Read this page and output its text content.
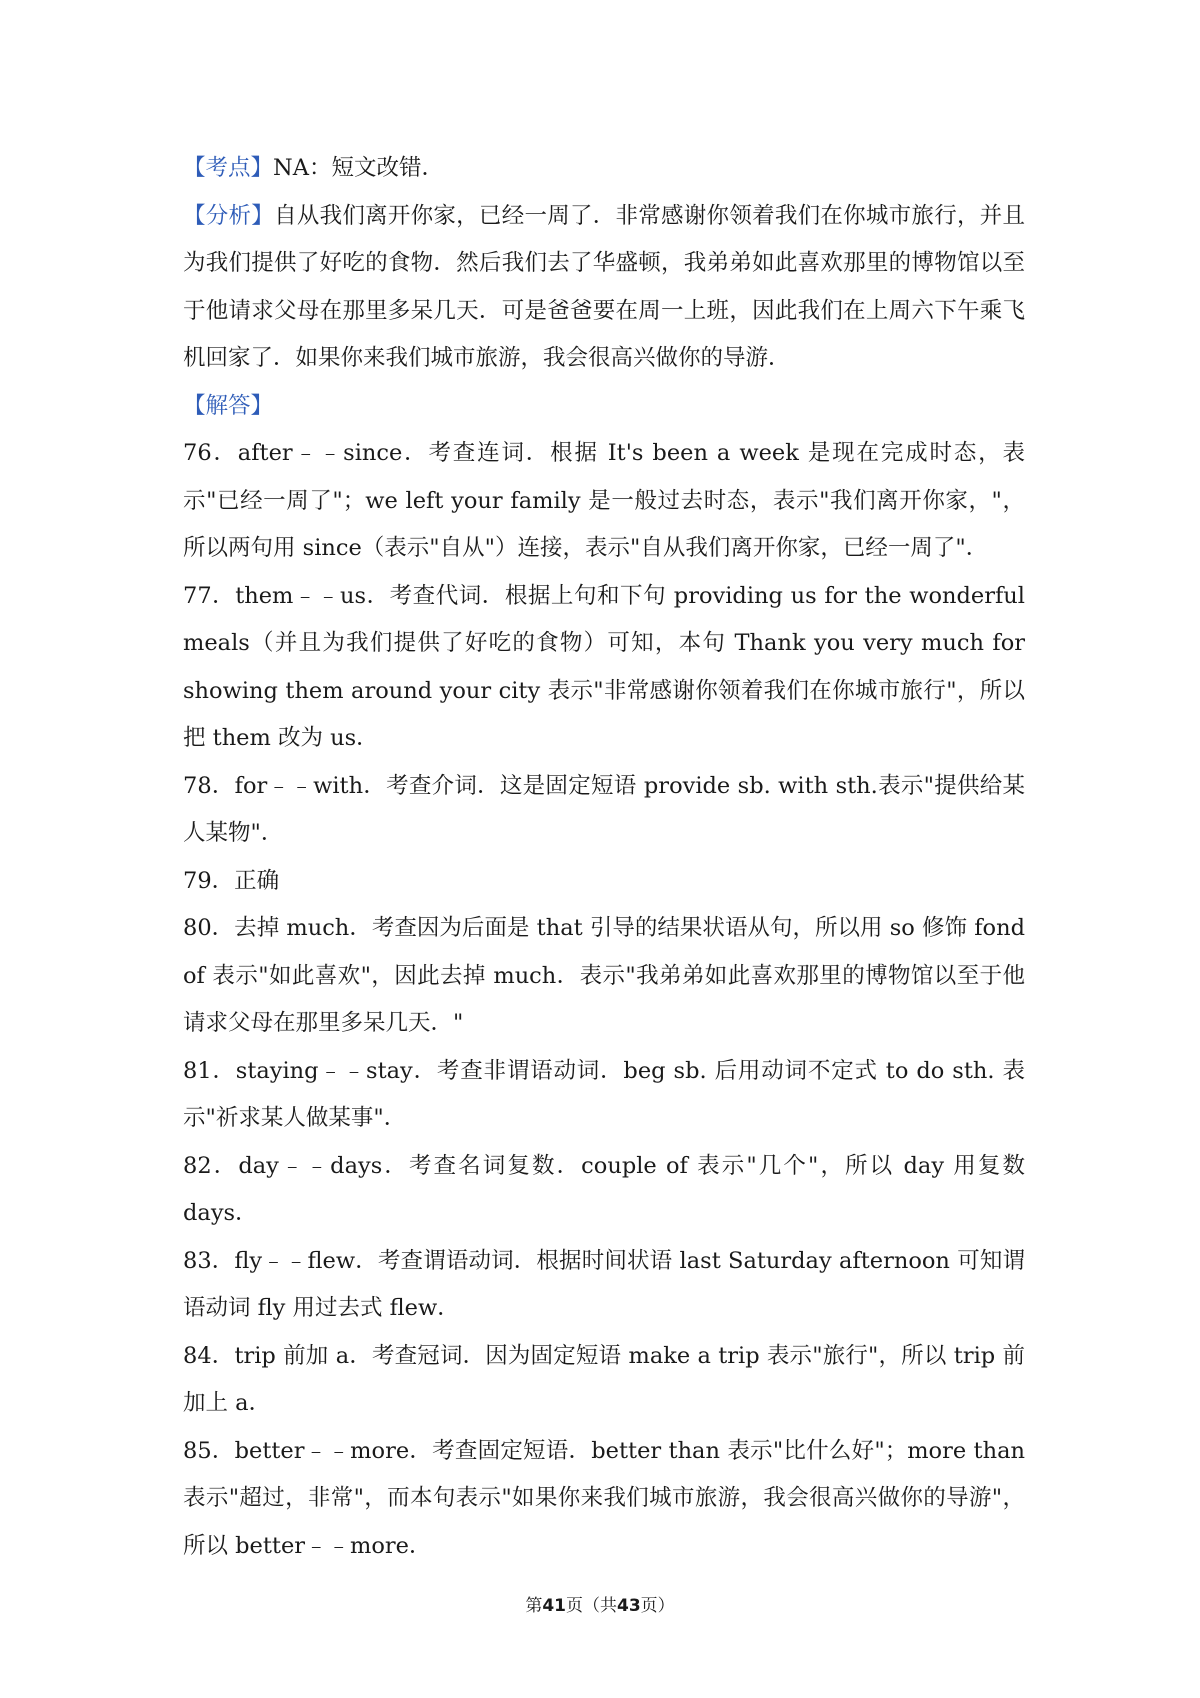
【考点】NA：短文改错．

【分析】自从我们离开你家，已经一周了．非常感谢你领着我们在你城市旅行，并且为我们提供了好吃的食物．然后我们去了华盛顿，我弟弟如此喜欢那里的博物馆以至于他请求父母在那里多呆几天．可是爸爸要在周一上班，因此我们在上周六下午乘飞机回家了．如果你来我们城市旅游，我会很高兴做你的导游．

【解答】

76．after﹣﹣since．考查连词．根据 It's been a week 是现在完成时态，表示"已经一周了"；we left your family 是一般过去时态，表示"我们离开你家，"，所以两句用 since（表示"自从"）连接，表示"自从我们离开你家，已经一周了"．

77．them﹣﹣us．考查代词．根据上句和下句 providing us for the wonderful meals（并且为我们提供了好吃的食物）可知，本句 Thank you very much for showing them around your city 表示"非常感谢你领着我们在你城市旅行"，所以把 them 改为 us．

78．for﹣﹣with．考查介词．这是固定短语 provide sb. with sth.表示"提供给某人某物"．

79．正确

80．去掉 much．考查因为后面是 that 引导的结果状语从句，所以用 so 修饰 fond of 表示"如此喜欢"，因此去掉 much．表示"我弟弟如此喜欢那里的博物馆以至于他请求父母在那里多呆几天．"

81．staying﹣﹣stay．考查非谓语动词．beg sb. 后用动词不定式 to do sth. 表示"祈求某人做某事"．

82．day﹣﹣days．考查名词复数．couple of 表示"几个"，所以 day 用复数 days．

83．fly﹣﹣flew．考查谓语动词．根据时间状语 last Saturday afternoon 可知谓语动词 fly 用过去式 flew．

84．trip 前加 a．考查冠词．因为固定短语 make a trip 表示"旅行"，所以 trip 前加上 a．

85．better﹣﹣more．考查固定短语．better than 表示"比什么好"；more than 表示"超过，非常"，而本句表示"如果你来我们城市旅游，我会很高兴做你的导游"，所以 better﹣﹣more．

第41页（共43页）
